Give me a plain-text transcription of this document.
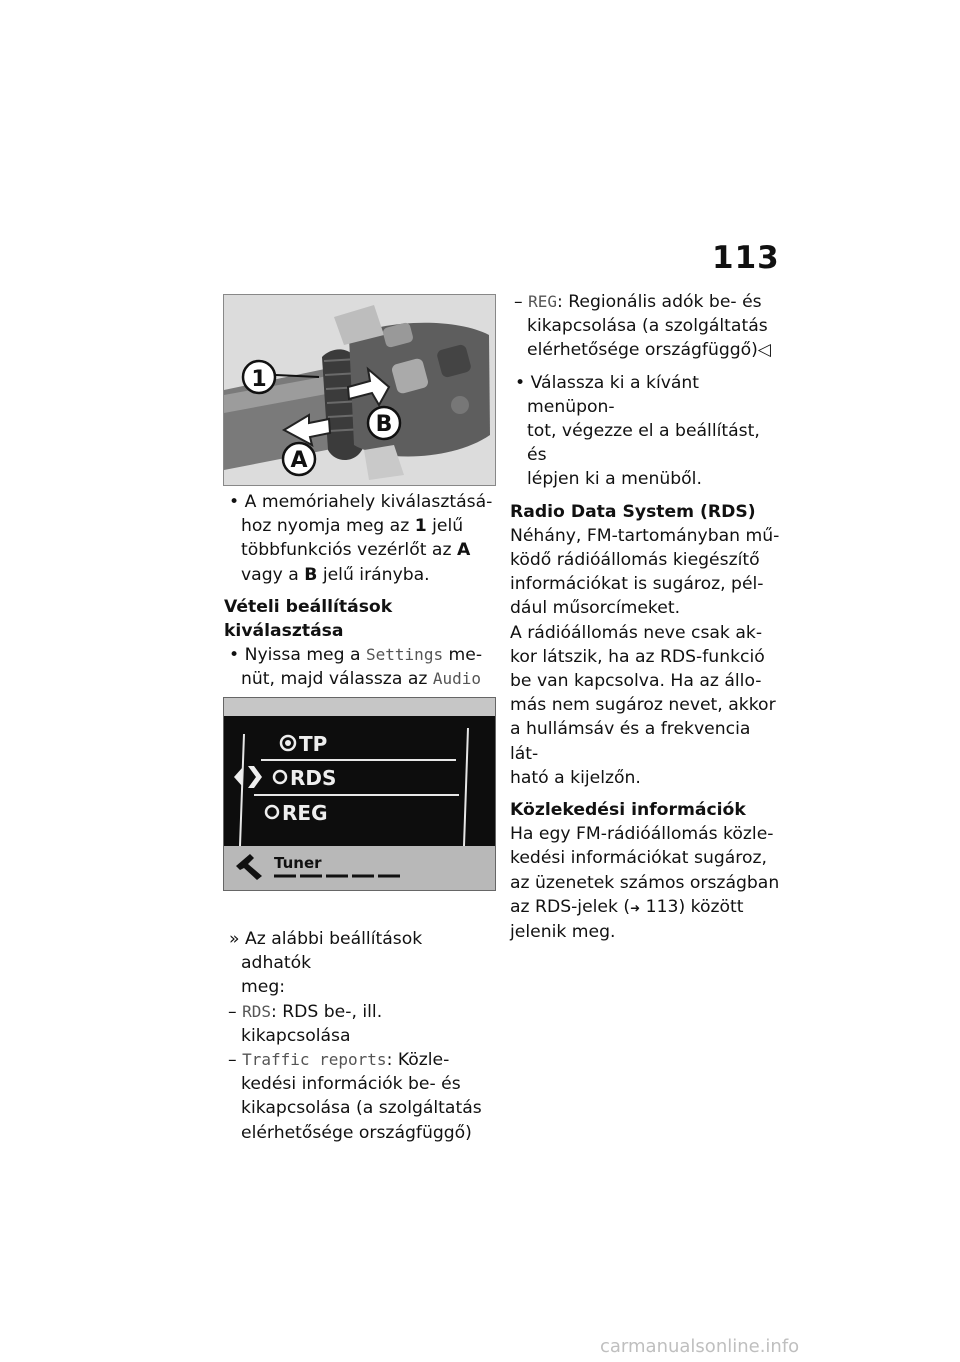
113
1
A
B

• A memóriahely kiválasztásá-
hoz nyomja meg az 1 jelű
többfunkciós vezérlőt az A
vagy a B jelű irányba.

Vételi beállítások kiválasztása

• Nyissa meg a Settings me-
nüt, majd válassza az Audio

TP
RDS
REG
Tuner

» Az alábbi beállítások adhatók
meg:

– RDS: RDS be-, ill. kikapcsolása

– Traffic reports: Közle-
kedési információk be- és
kikapcsolása (a szolgáltatás
elérhetősége országfüggő)

– REG: Regionális adók be- és
kikapcsolása (a szolgáltatás
elérhetősége országfüggő)◁

• Válassza ki a kívánt menüpon-
tot, végezze el a beállítást, és
lépjen ki a menüből.

Radio Data System (RDS)

Néhány, FM-tartományban mű-
ködő rádióállomás kiegészítő
információkat is sugároz, pél-
dául műsorcímeket.
A rádióállomás neve csak ak-
kor látszik, ha az RDS-funkció
be van kapcsolva. Ha az állo-
más nem sugároz nevet, akkor
a hullámsáv és a frekvencia lát-
ható a kijelzőn.

Közlekedési információk

Ha egy FM-rádióállomás közle-
kedési információkat sugároz,
az üzenetek számos országban
az RDS-jelek (➜ 113) között
jelenik meg.

carmanualsonline.info
